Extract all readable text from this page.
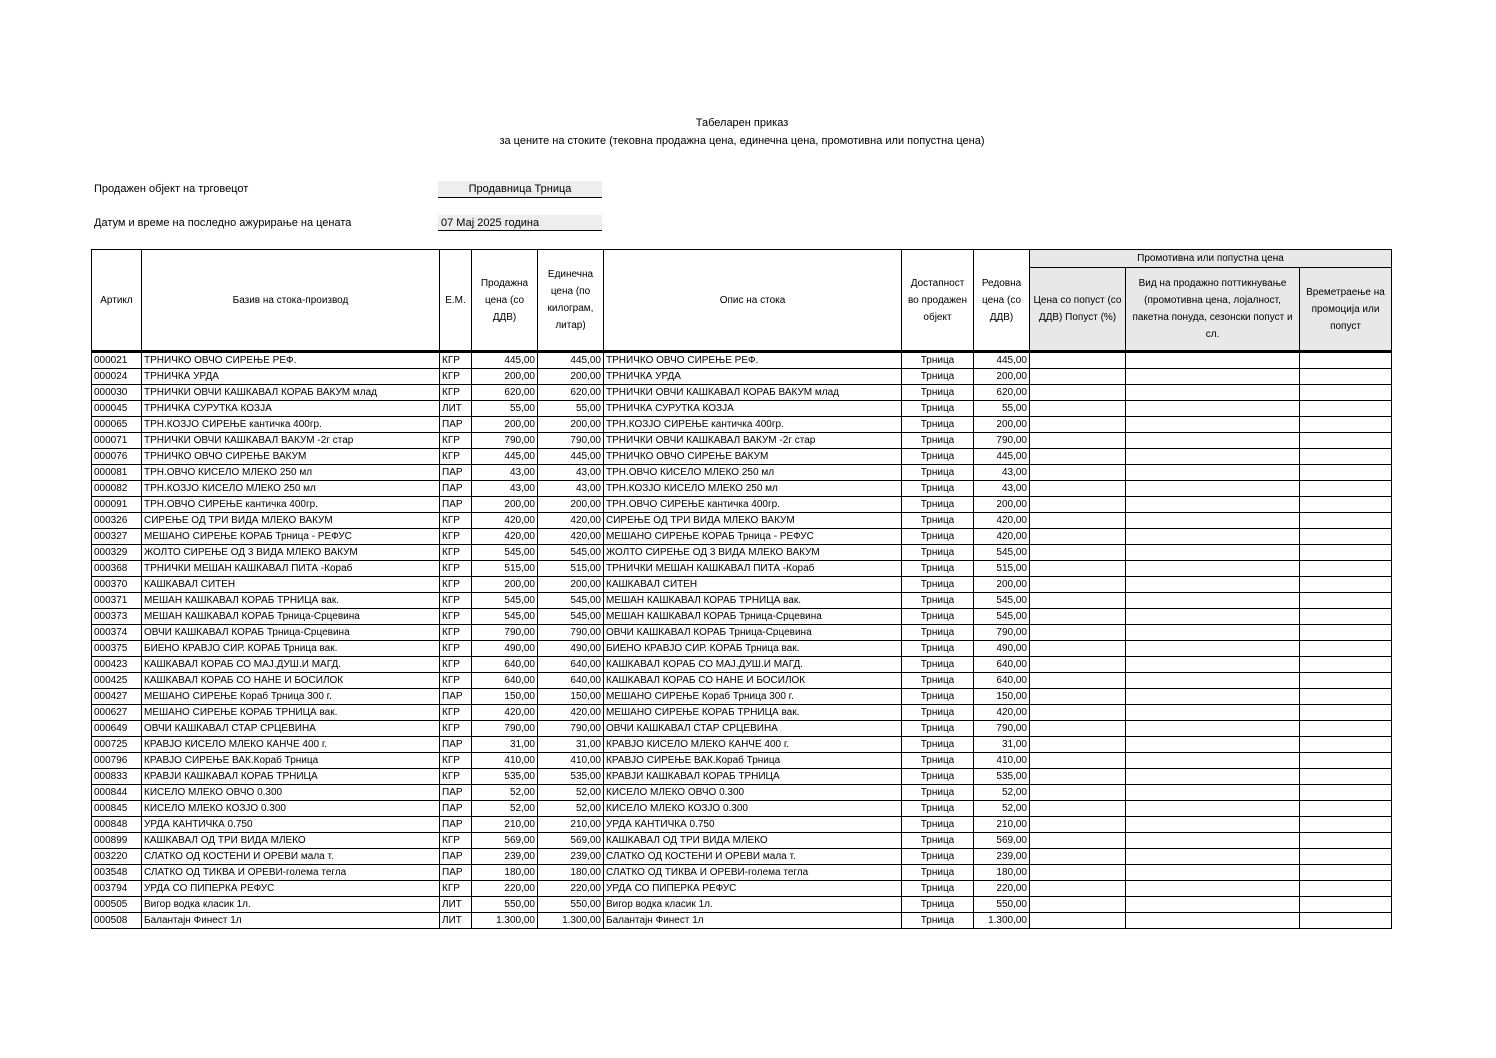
Табеларен приказ
за цените на стоките (тековна продажна цена, единечна цена, промотивна или попустна цена)
Продажен објект на трговецот	Продавница Трница
Датум и време на последно ажурирање на цената	07 Мај 2025 година
Артикл	Базив на стока-производ	Е.М.	Продажна цена (со ДДВ)	Единечна цена (по килограм, литар)	Опис на стока	Достапност во продажен објект	Редовна цена (со ДДВ)	Промотивна или попустна цена		
								Цена со попуст (со ДДВ) Попуст (%)	Вид на продажно поттикнување (промотивна цена, лојалност, пакетна понуда, сезонски попуст и сл.	Времетраење на промоција или попуст
000021	ТРНИЧКО ОВЧО СИРЕЊЕ РЕФ.	КГР	445,00	445,00	ТРНИЧКО ОВЧО СИРЕЊЕ РЕФ.	Трница	445,00			
000024	ТРНИЧКА УРДА	КГР	200,00	200,00	ТРНИЧКА УРДА	Трница	200,00			
000030	ТРНИЧКИ ОВЧИ КАШКАВАЛ КОРАБ ВАКУМ млад	КГР	620,00	620,00	ТРНИЧКИ ОВЧИ КАШКАВАЛ КОРАБ ВАКУМ млад	Трница	620,00			
000045	ТРНИЧКА СУРУТКА КОЗЈА	ЛИТ	55,00	55,00	ТРНИЧКА СУРУТКА КОЗЈА	Трница	55,00			
000065	ТРН.КОЗЈО СИРЕЊЕ кантичка 400гр.	ПАР	200,00	200,00	ТРН.КОЗЈО СИРЕЊЕ кантичка 400гр.	Трница	200,00			
000071	ТРНИЧКИ ОВЧИ КАШКАВАЛ ВАКУМ -2г стар	КГР	790,00	790,00	ТРНИЧКИ ОВЧИ КАШКАВАЛ ВАКУМ -2г стар	Трница	790,00			
000076	ТРНИЧКО ОВЧО СИРЕЊЕ ВАКУМ	КГР	445,00	445,00	ТРНИЧКО ОВЧО СИРЕЊЕ ВАКУМ	Трница	445,00			
000081	ТРН.ОВЧО КИСЕЛО МЛЕКО 250 мл	ПАР	43,00	43,00	ТРН.ОВЧО КИСЕЛО МЛЕКО 250 мл	Трница	43,00			
000082	ТРН.КОЗЈО КИСЕЛО МЛЕКО 250 мл	ПАР	43,00	43,00	ТРН.КОЗЈО КИСЕЛО МЛЕКО 250 мл	Трница	43,00			
000091	ТРН.ОВЧО СИРЕЊЕ кантичка 400гр.	ПАР	200,00	200,00	ТРН.ОВЧО СИРЕЊЕ кантичка 400гр.	Трница	200,00			
000326	СИРЕЊЕ ОД ТРИ ВИДА МЛЕКО ВАКУМ	КГР	420,00	420,00	СИРЕЊЕ ОД ТРИ ВИДА МЛЕКО ВАКУМ	Трница	420,00			
000327	МЕШАНО СИРЕЊЕ КОРАБ Трница - РЕФУС	КГР	420,00	420,00	МЕШАНО СИРЕЊЕ КОРАБ Трница - РЕФУС	Трница	420,00			
000329	ЖОЛТО СИРЕЊЕ ОД 3 ВИДА МЛЕКО ВАКУМ	КГР	545,00	545,00	ЖОЛТО СИРЕЊЕ ОД 3 ВИДА МЛЕКО ВАКУМ	Трница	545,00			
000368	ТРНИЧКИ МЕШАН КАШКАВАЛ ПИТА -Кораб	КГР	515,00	515,00	ТРНИЧКИ МЕШАН КАШКАВАЛ ПИТА -Кораб	Трница	515,00			
000370	КАШКАВАЛ СИТЕН	КГР	200,00	200,00	КАШКАВАЛ СИТЕН	Трница	200,00			
000371	МЕШАН КАШКАВАЛ КОРАБ ТРНИЦА вак.	КГР	545,00	545,00	МЕШАН КАШКАВАЛ КОРАБ ТРНИЦА вак.	Трница	545,00			
000373	МЕШАН КАШКАВАЛ КОРАБ Трница-Срцевина	КГР	545,00	545,00	МЕШАН КАШКАВАЛ КОРАБ Трница-Срцевина	Трница	545,00			
000374	ОВЧИ КАШКАВАЛ КОРАБ Трница-Срцевина	КГР	790,00	790,00	ОВЧИ КАШКАВАЛ КОРАБ Трница-Срцевина	Трница	790,00			
000375	БИЕНО КРАВЈО СИР. КОРАБ Трница вак.	КГР	490,00	490,00	БИЕНО КРАВЈО СИР. КОРАБ Трница вак.	Трница	490,00			
000423	КАШКАВАЛ КОРАБ СО МАЈ.ДУШ.И МАГД.	КГР	640,00	640,00	КАШКАВАЛ КОРАБ СО МАЈ.ДУШ.И МАГД.	Трница	640,00			
000425	КАШКАВАЛ КОРАБ СО НАНЕ И БОСИЛОК	КГР	640,00	640,00	КАШКАВАЛ КОРАБ СО НАНЕ И БОСИЛОК	Трница	640,00			
000427	МЕШАНО СИРЕЊЕ Кораб Трница 300 г.	ПАР	150,00	150,00	МЕШАНО СИРЕЊЕ Кораб Трница 300 г.	Трница	150,00			
000627	МЕШАНО СИРЕЊЕ КОРАБ ТРНИЦА вак.	КГР	420,00	420,00	МЕШАНО СИРЕЊЕ КОРАБ ТРНИЦА вак.	Трница	420,00			
000649	ОВЧИ КАШКАВАЛ СТАР СРЦЕВИНА	КГР	790,00	790,00	ОВЧИ КАШКАВАЛ СТАР СРЦЕВИНА	Трница	790,00			
000725	КРАВЈО КИСЕЛО МЛЕКО КАНЧЕ 400 г.	ПАР	31,00	31,00	КРАВЈО КИСЕЛО МЛЕКО КАНЧЕ 400 г.	Трница	31,00			
000796	КРАВЈО СИРЕЊЕ ВАК.Кораб Трница	КГР	410,00	410,00	КРАВЈО СИРЕЊЕ ВАК.Кораб Трница	Трница	410,00			
000833	КРАВЈИ КАШКАВАЛ КОРАБ ТРНИЦА	КГР	535,00	535,00	КРАВЈИ КАШКАВАЛ КОРАБ ТРНИЦА	Трница	535,00			
000844	КИСЕЛО МЛЕКО ОВЧО 0.300	ПАР	52,00	52,00	КИСЕЛО МЛЕКО ОВЧО 0.300	Трница	52,00			
000845	КИСЕЛО МЛЕКО КОЗЈО 0.300	ПАР	52,00	52,00	КИСЕЛО МЛЕКО КОЗЈО 0.300	Трница	52,00			
000848	УРДА КАНТИЧКА 0.750	ПАР	210,00	210,00	УРДА КАНТИЧКА 0.750	Трница	210,00			
000899	КАШКАВАЛ ОД ТРИ ВИДА МЛЕКО	КГР	569,00	569,00	КАШКАВАЛ ОД ТРИ ВИДА МЛЕКО	Трница	569,00			
003220	СЛАТКО ОД КОСТЕНИ И ОРЕВИ мала т.	ПАР	239,00	239,00	СЛАТКО ОД КОСТЕНИ И ОРЕВИ мала т.	Трница	239,00			
003548	СЛАТКО ОД ТИКВА И ОРЕВИ-голема тегла	ПАР	180,00	180,00	СЛАТКО ОД ТИКВА И ОРЕВИ-голема тегла	Трница	180,00			
003794	УРДА СО ПИПЕРКА РЕФУС	КГР	220,00	220,00	УРДА СО ПИПЕРКА РЕФУС	Трница	220,00			
000505	Вигор водка класик 1л.	ЛИТ	550,00	550,00	Вигор водка класик 1л.	Трница	550,00			
000508	Балантајн Финест 1л	ЛИТ	1.300,00	1.300,00	Балантајн Финест 1л	Трница	1.300,00			
